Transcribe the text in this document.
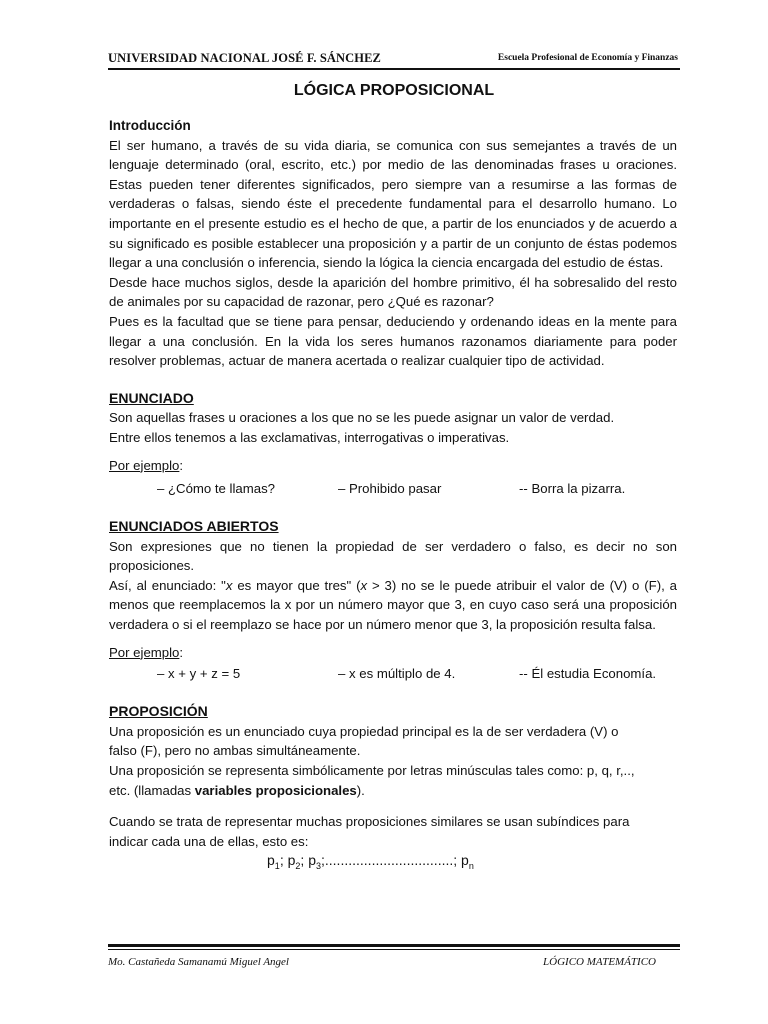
UNIVERSIDAD NACIONAL JOSÉ F. SÁNCHEZ	Escuela Profesional de Economía y Finanzas
LÓGICA PROPOSICIONAL

Introducción

El ser humano, a través de su vida diaria, se comunica con sus semejantes a través de un lenguaje determinado (oral, escrito, etc.) por medio de las denominadas frases u oraciones. Estas pueden tener diferentes significados, pero siempre van a resumirse a las formas de verdaderas o falsas, siendo éste el precedente fundamental para el desarrollo humano. Lo importante en el presente estudio es el hecho de que, a partir de los enunciados y de acuerdo a su significado es posible establecer una proposición y a partir de un conjunto de éstas podemos llegar a una conclusión o inferencia, siendo la lógica la ciencia encargada del estudio de éstas.

Desde hace muchos siglos, desde la aparición del hombre primitivo, él ha sobresalido del resto de animales por su capacidad de razonar, pero ¿Qué es razonar?

Pues es la facultad que se tiene para pensar, deduciendo y ordenando ideas en la mente para llegar a una conclusión. En la vida los seres humanos razonamos diariamente para poder resolver problemas, actuar de manera acertada o realizar cualquier tipo de actividad.

ENUNCIADO

Son aquellas frases u oraciones a los que no se les puede asignar un valor de verdad.

Entre ellos tenemos a las exclamativas, interrogativas o imperativas.

Por ejemplo:

– ¿Cómo te llamas?	– Prohibido pasar	-- Borra la pizarra.

ENUNCIADOS ABIERTOS

Son expresiones que no tienen la propiedad de ser verdadero o falso, es decir no son proposiciones.

Así, al enunciado: "x es mayor que tres" (x > 3) no se le puede atribuir el valor de (V) o (F), a menos que reemplacemos la x por un número mayor que 3, en cuyo caso será una proposición verdadera o si el reemplazo se hace por un número menor que 3, la proposición resulta falsa.

Por ejemplo:

– x + y + z = 5	– x es múltiplo de 4.	-- Él estudia Economía.

PROPOSICIÓN

Una proposición es un enunciado cuya propiedad principal es la de ser verdadera (V) o

falso (F), pero no ambas simultáneamente.

Una proposición se representa simbólicamente por letras minúsculas tales como: p, q, r,..,

etc. (llamadas variables proposicionales).

Cuando se trata de representar muchas proposiciones similares se usan subíndices para

indicar cada una de ellas, esto es:

$p_1$; $p_2$; $p_3$;.................................; $p_n$

Mo. Castañeda Samanamú Miguel Angel	LÓGICO MATEMÁTICO
